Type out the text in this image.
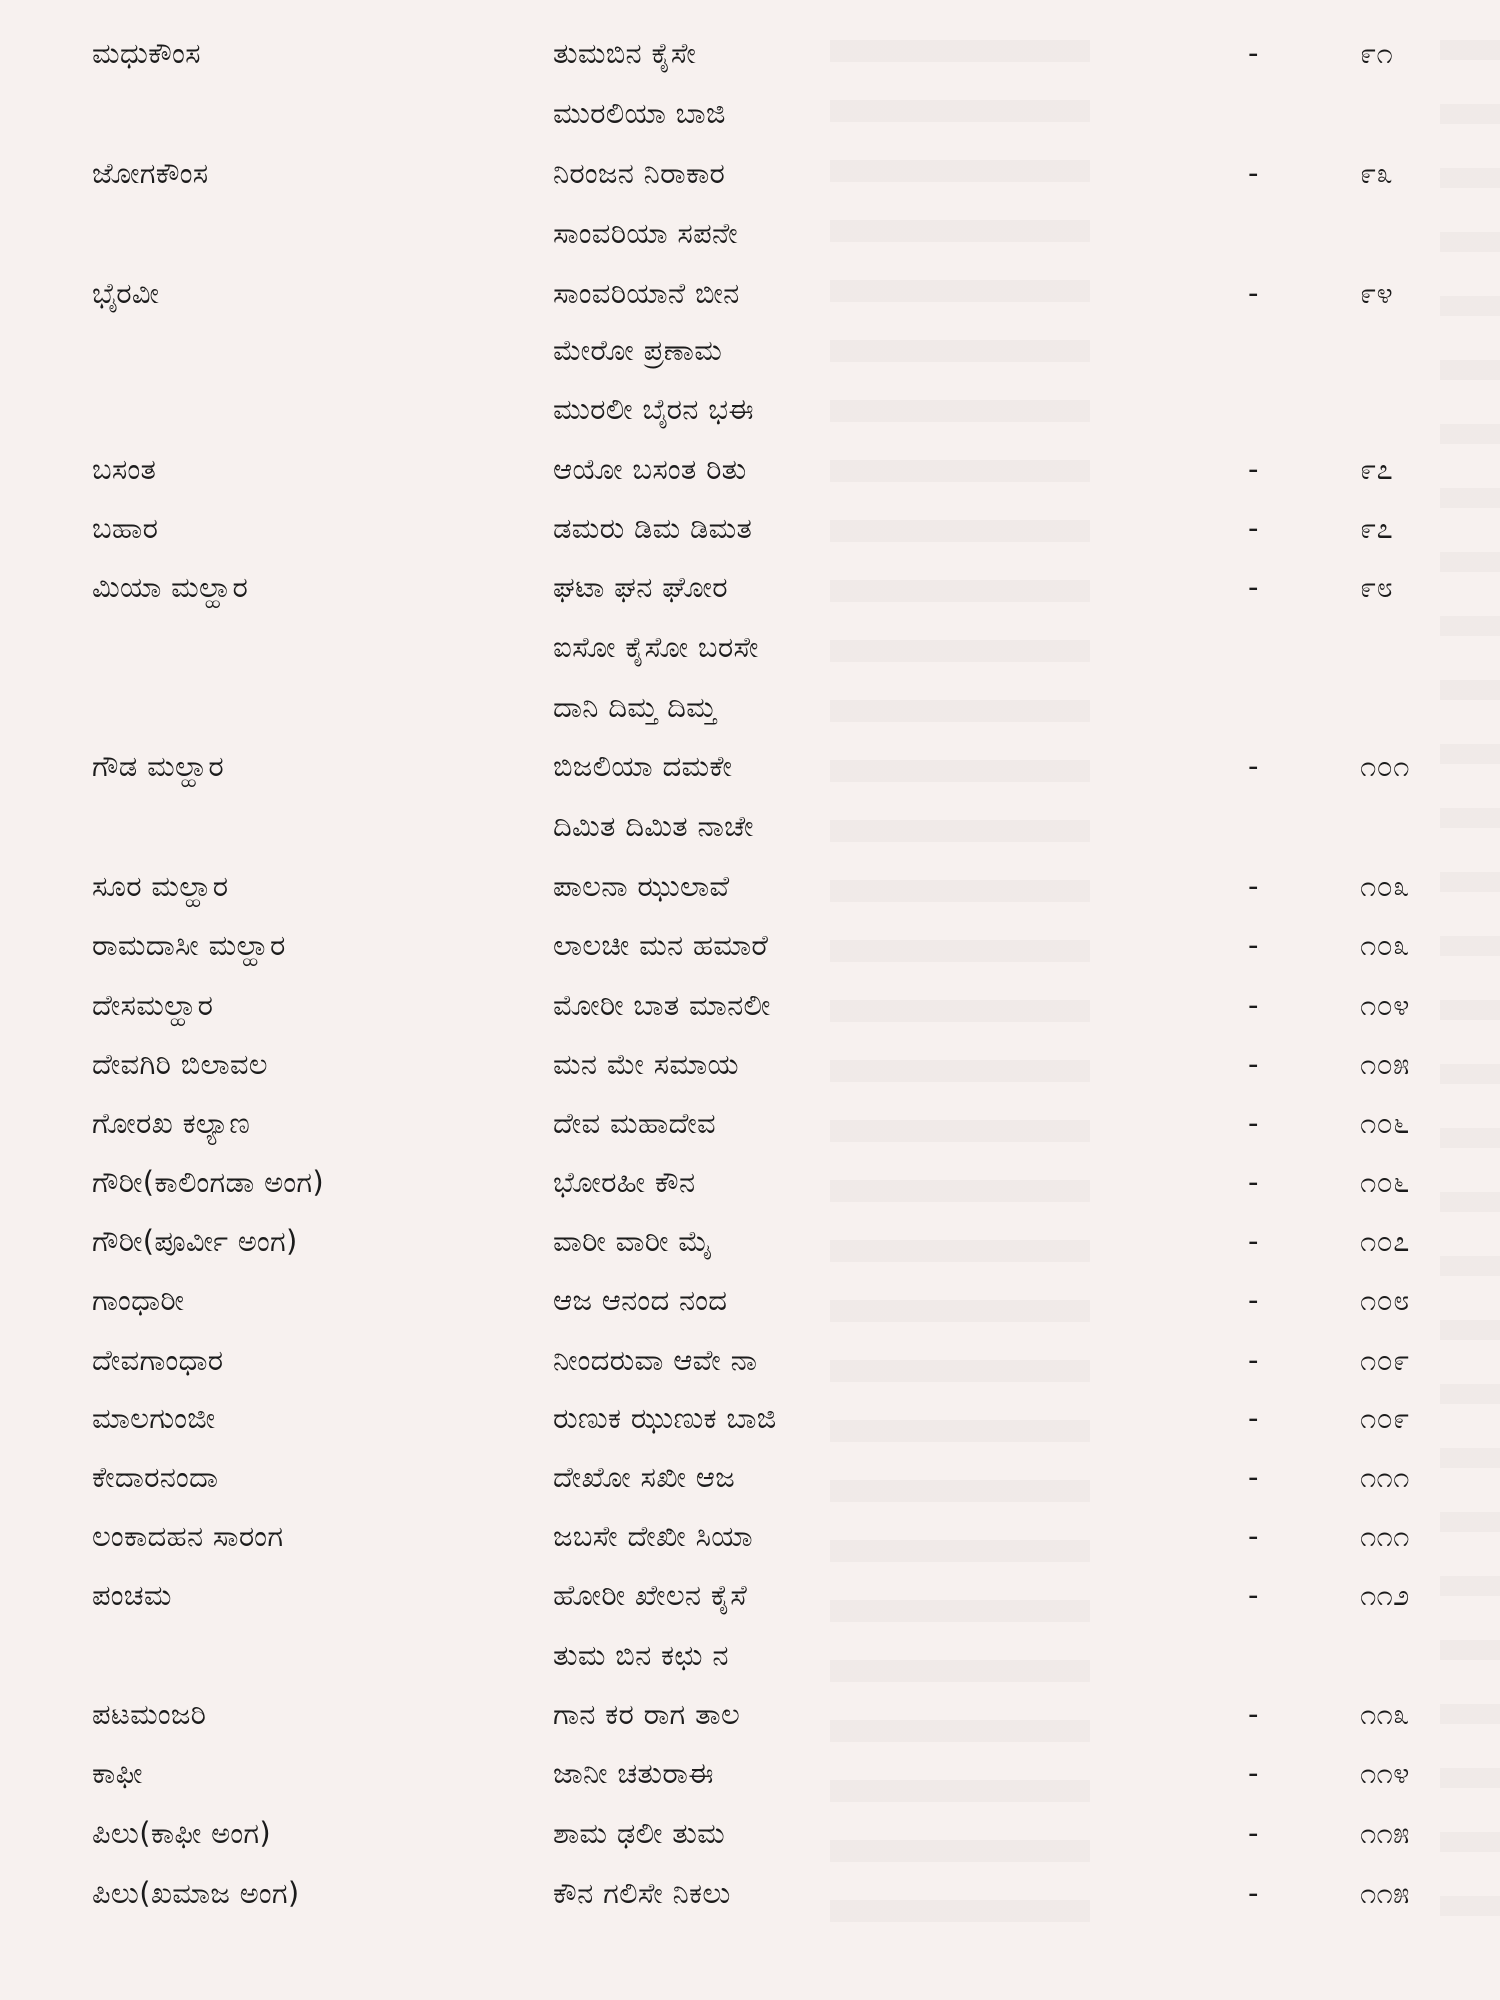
ಮಧುಕೌಂಸ	ತುಮಬಿನ ಕೈಸೇ	-	೯೧
ಮುರಲಿಯಾ ಬಾಜಿ
ಜೋಗಕೌಂಸ	ನಿರಂಜನ ನಿರಾಕಾರ	-	೯೩
ಸಾಂವರಿಯಾ ಸಪನೇ
ಭೈರವೀ	ಸಾಂವರಿಯಾನೆ ಬೀನ	-	೯೪
ಮೇರೋ ಪ್ರಣಾಮ
ಮುರಲೀ ಬೈರನ ಭಈ
ಬಸಂತ	ಆಯೋ ಬಸಂತ ರಿತು	-	೯೭
ಬಹಾರ	ಡಮರು ಡಿಮ ಡಿಮತ	-	೯೭
ಮಿಯಾ ಮಲ್ಹಾರ	ಘಟಾ ಘನ ಘೋರ	-	೯೮
ಐಸೋ ಕೈಸೋ ಬರಸೇ
ದಾನಿ ದಿಮ್ತ ದಿಮ್ತ
ಗೌಡ ಮಲ್ಹಾರ	ಬಿಜಲಿಯಾ ದಮಕೇ	-	೧೦೧
ದಿಮಿತ ದಿಮಿತ ನಾಚೇ
ಸೂರ ಮಲ್ಹಾರ	ಪಾಲನಾ ಝುಲಾವೆ	-	೧೦೩
ರಾಮದಾಸೀ ಮಲ್ಹಾರ	ಲಾಲಚೀ ಮನ ಹಮಾರೆ	-	೧೦೩
ದೇಸಮಲ್ಹಾರ	ಮೋರೀ ಬಾತ ಮಾನಲೀ	-	೧೦೪
ದೇವಗಿರಿ ಬಿಲಾವಲ	ಮನ ಮೇ ಸಮಾಯ	-	೧೦೫
ಗೋರಖ ಕಲ್ಯಾಣ	ದೇವ ಮಹಾದೇವ	-	೧೦೬
ಗೌರೀ(ಕಾಲಿಂಗಡಾ ಅಂಗ)	ಭೋರಹೀ ಕೌನ	-	೧೦೬
ಗೌರೀ(ಪೂರ್ವೀ ಅಂಗ)	ವಾರೀ ವಾರೀ ಮೈ	-	೧೦೭
ಗಾಂಧಾರೀ	ಆಜ ಆನಂದ ನಂದ	-	೧೦೮
ದೇವಗಾಂಧಾರ	ನೀಂದರುವಾ ಆವೇ ನಾ	-	೧೦೯
ಮಾಲಗುಂಜೀ	ರುಣುಕ ಝುಣುಕ ಬಾಜಿ	-	೧೦೯
ಕೇದಾರನಂದಾ	ದೇಖೋ ಸಖೀ ಆಜ	-	೧೧೧
ಲಂಕಾದಹನ ಸಾರಂಗ	ಜಬಸೇ ದೇಖೀ ಸಿಯಾ	-	೧೧೧
ಪಂಚಮ	ಹೋರೀ ಖೇಲನ ಕೈಸೆ	-	೧೧೨
ತುಮ ಬಿನ ಕಛು ನ
ಪಟಮಂಜರಿ	ಗಾನ ಕರ ರಾಗ ತಾಲ	-	೧೧೩
ಕಾಫೀ	ಜಾನೀ ಚತುರಾಈ	-	೧೧೪
ಪಿಲು(ಕಾಫೀ ಅಂಗ)	ಶಾಮ ಢಲೀ ತುಮ	-	೧೧೫
ಪಿಲು(ಖಮಾಜ ಅಂಗ)	ಕೌನ ಗಲಿಸೇ ನಿಕಲು	-	೧೧೫
